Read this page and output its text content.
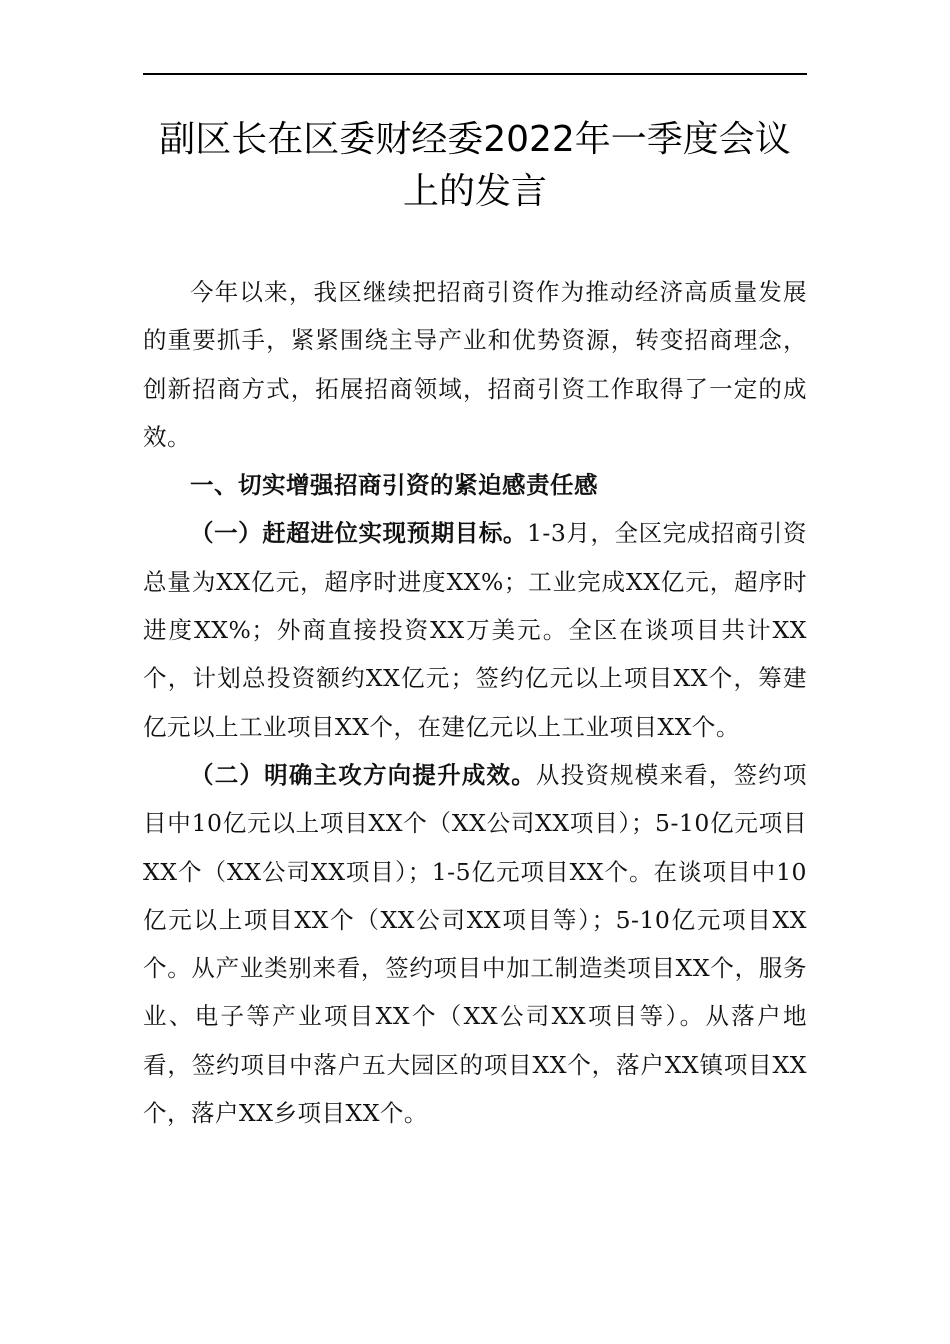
副区长在区委财经委2022年一季度会议上的发言

今年以来，我区继续把招商引资作为推动经济高质量发展的重要抓手，紧紧围绕主导产业和优势资源，转变招商理念，创新招商方式，拓展招商领域，招商引资工作取得了一定的成效。

一、切实增强招商引资的紧迫感责任感

（一）赶超进位实现预期目标。1-3月，全区完成招商引资总量为XX亿元，超序时进度XX%；工业完成XX亿元，超序时进度XX%；外商直接投资XX万美元。全区在谈项目共计XX个，计划总投资额约XX亿元；签约亿元以上项目XX个，筹建亿元以上工业项目XX个，在建亿元以上工业项目XX个。

（二）明确主攻方向提升成效。从投资规模来看，签约项目中10亿元以上项目XX个（XX公司XX项目）；5-10亿元项目XX个（XX公司XX项目）；1-5亿元项目XX个。在谈项目中10亿元以上项目XX个（XX公司XX项目等）；5-10亿元项目XX个。从产业类别来看，签约项目中加工制造类项目XX个，服务业、电子等产业项目XX个（XX公司XX项目等）。从落户地看，签约项目中落户五大园区的项目XX个，落户XX镇项目XX个，落户XX乡项目XX个。
